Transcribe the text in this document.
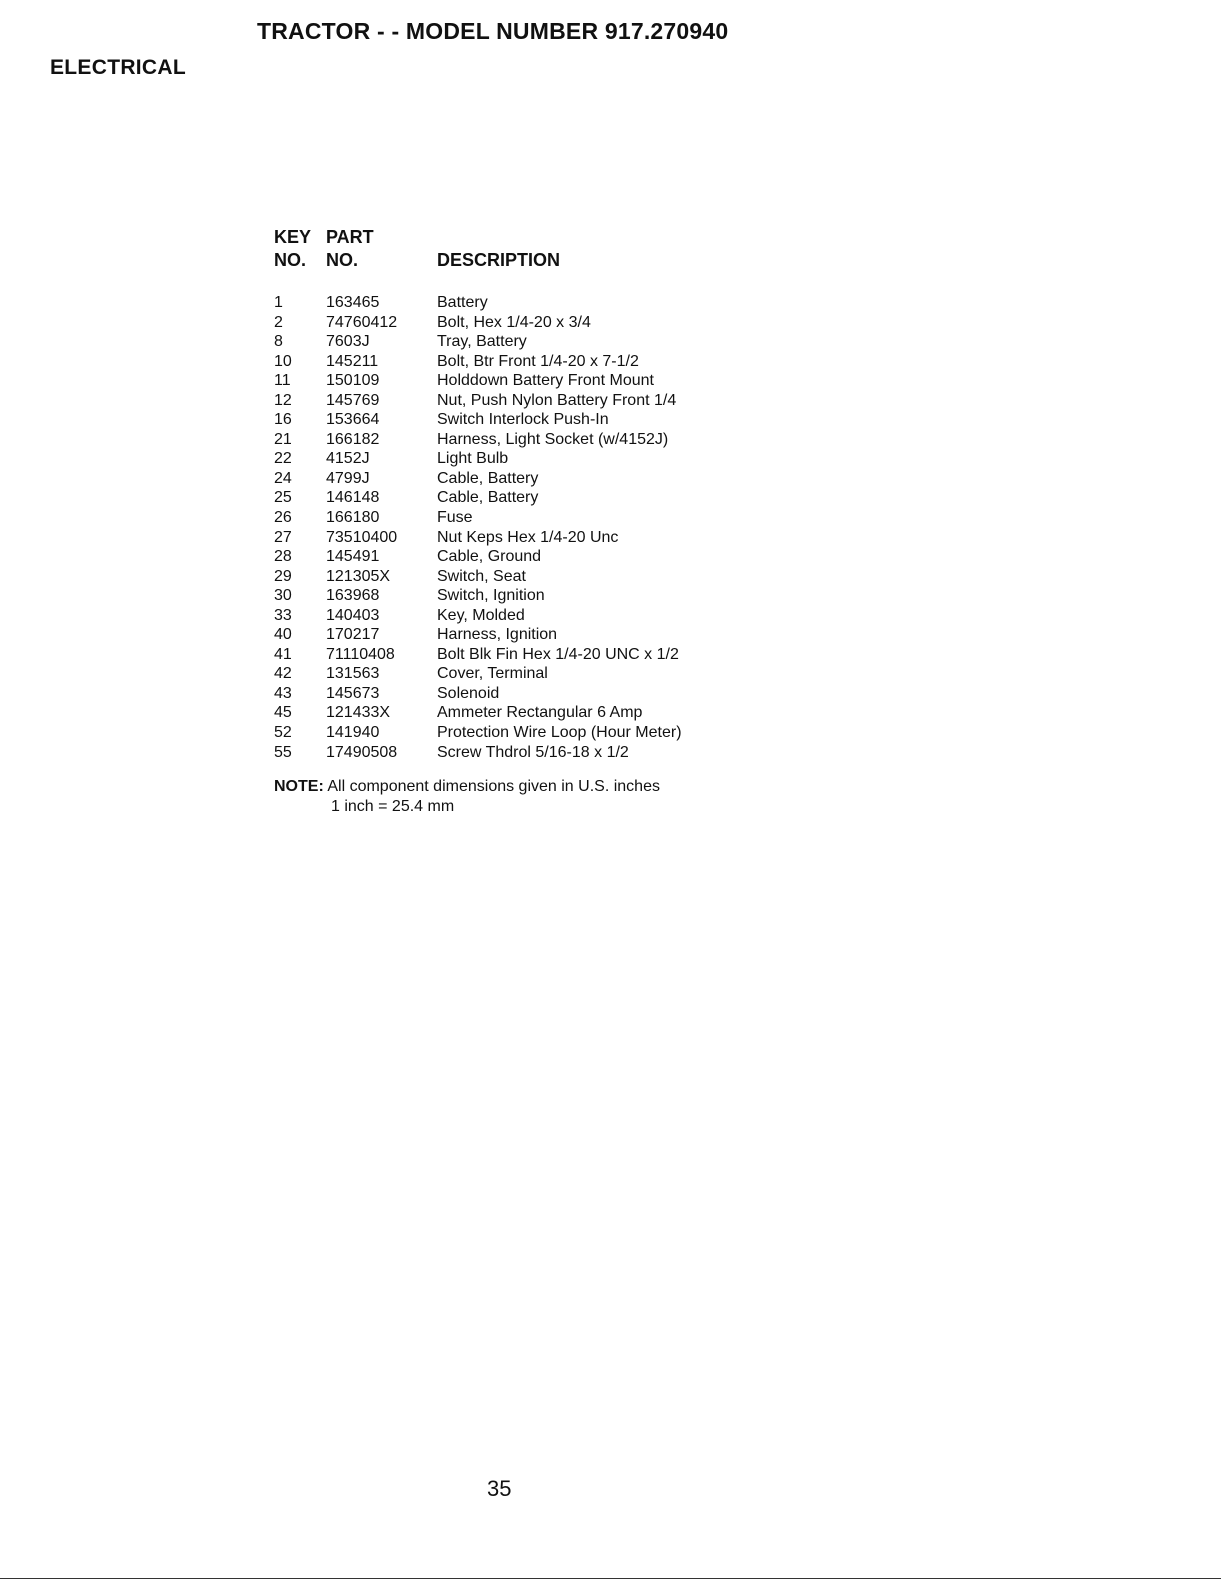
TRACTOR - - MODEL NUMBER 917.270940
ELECTRICAL
KEY
NO.
PART
NO.	DESCRIPTION
1	163465	Battery
2	74760412 Bolt, Hex 1/4-20 x 3/4
8	7603J	Tray, Battery
10 145211	Bolt, Btr Front 1/4-20 x 7-1/2
11 150109	Holddown Battery Front Mount
12 145769	Nut, Push Nylon Battery Front 1/4
16 153664	Switch Interlock Push-In
21 166182	Harness, Light Socket (w/4152J)
22 4152J	Light Bulb
24 4799J	Cable, Battery
25 146148	Cable, Battery
26 166180	Fuse
27 73510400 Nut Keps Hex 1/4-20 Unc
28 145491	Cable, Ground
29 121305X	Switch, Seat
30 163968	Switch, Ignition
33 140403	Key, Molded
40 170217	Harness, Ignition
41 71110408	Bolt Blk Fin Hex 1/4-20 UNC x 1/2
42 131563	Cover, Terminal
43 145673	Solenoid
45 121433X	Ammeter Rectangular 6 Amp
52 141940	Protection Wire Loop (Hour Meter)
55 17490508 Screw Thdrol 5/16-18 x 1/2
NOTE: All component dimensions given in U.S. inches
1 inch = 25.4 mm
35
